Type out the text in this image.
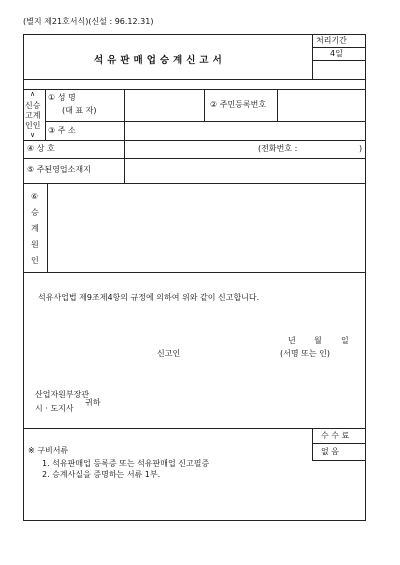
(별지 제21호서식)(신설 : 96.12.31)
석유판매업승계신고서
처리기간
4일
∧
신승
고계
인인
∨
① 성 명
(대 표 자)
② 주민등록번호
③ 주 소
④ 상 호	(전화번호 :	)
⑤ 주된영업소재지
⑥
승
계
원
인
석유사업법 제9조제4항의 규정에 의하여 위와 같이 신고합니다.
년 월 일
신고인	(서명 또는 인)
산업자원부장관
시 · 도지사
귀하
수 수 료
없 음
※ 구비서류
1. 석유판매업 등록증 또는 석유판매업 신고필증
2. 승계사실을 증명하는 서류 1부.
